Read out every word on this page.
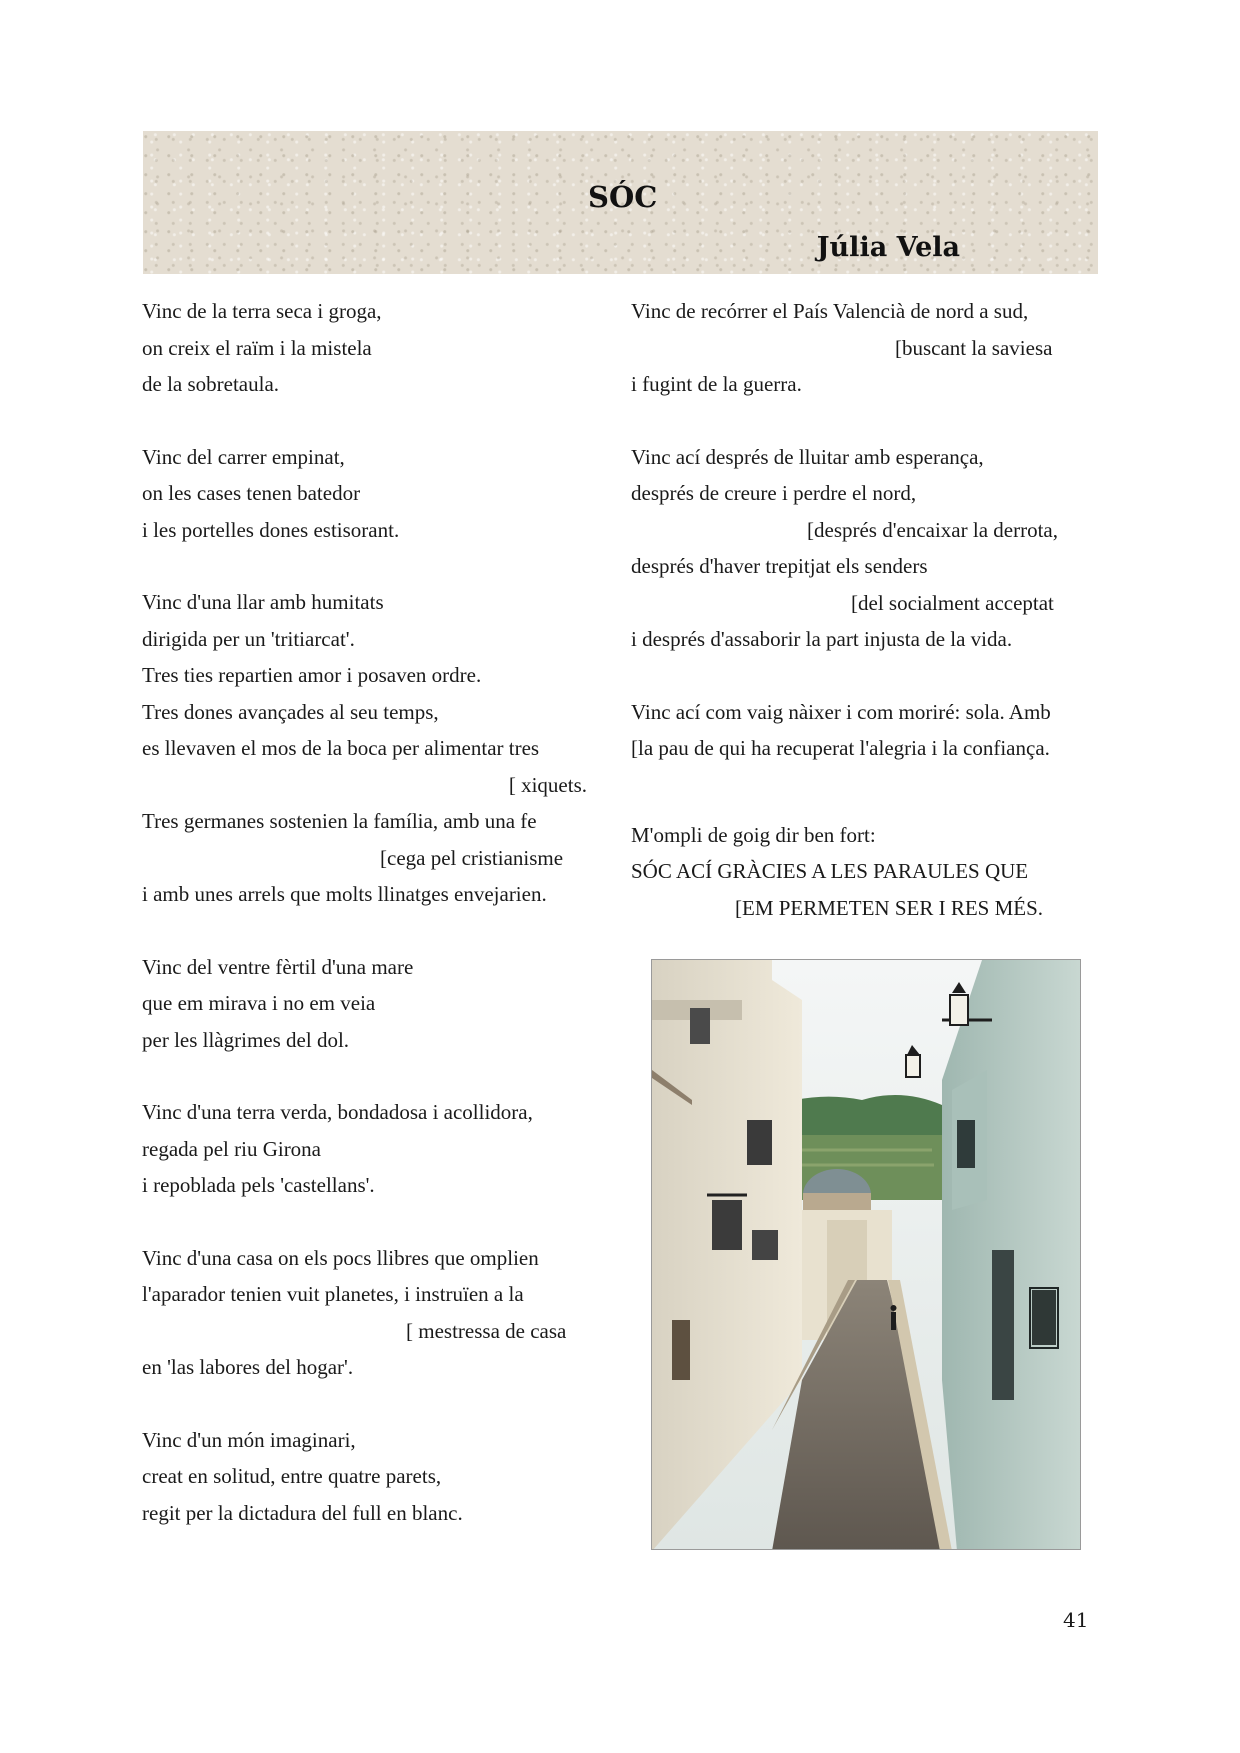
SÓC
Júlia Vela
Vinc de la terra seca i groga,
on creix el raïm i la mistela
de la sobretaula.
Vinc del carrer empinat,
on les cases tenen batedor
i les portelles dones estisorant.
Vinc d'una llar amb humitats
dirigida per un 'tritiarcat'.
Tres ties repartien amor i posaven ordre.
Tres dones avançades al seu temps,
es llevaven el mos de la boca per alimentar tres
[ xiquets.
Tres germanes sostenien la família, amb una fe
[cega pel cristianisme
i amb unes arrels que molts llinatges envejarien.
Vinc del ventre fèrtil d'una mare
que em mirava i no em veia
per les llàgrimes del dol.
Vinc d'una terra verda, bondadosa i acollidora,
regada pel riu Girona
i repoblada pels 'castellans'.
Vinc d'una casa on els pocs llibres que omplien
l'aparador tenien vuit planetes, i instruïen a la
[ mestressa de casa
en 'las labores del hogar'.
Vinc d'un món imaginari,
creat en solitud, entre quatre parets,
regit per la dictadura del full en blanc.
Vinc de recórrer el País Valencià de nord a sud,
[buscant la saviesa
i fugint de la guerra.
Vinc ací després de lluitar amb esperança,
després de creure i perdre el nord,
[després d'encaixar la derrota,
després d'haver trepitjat els senders
[del socialment acceptat
i després d'assaborir la part injusta de la vida.
Vinc ací com vaig nàixer i com moriré: sola. Amb
[la pau de qui ha recuperat l'alegria i la confiança.
M'ompli de goig dir ben fort:
SÓC ACÍ GRÀCIES A LES PARAULES QUE
[EM PERMETEN SER I RES MÉS.
41
